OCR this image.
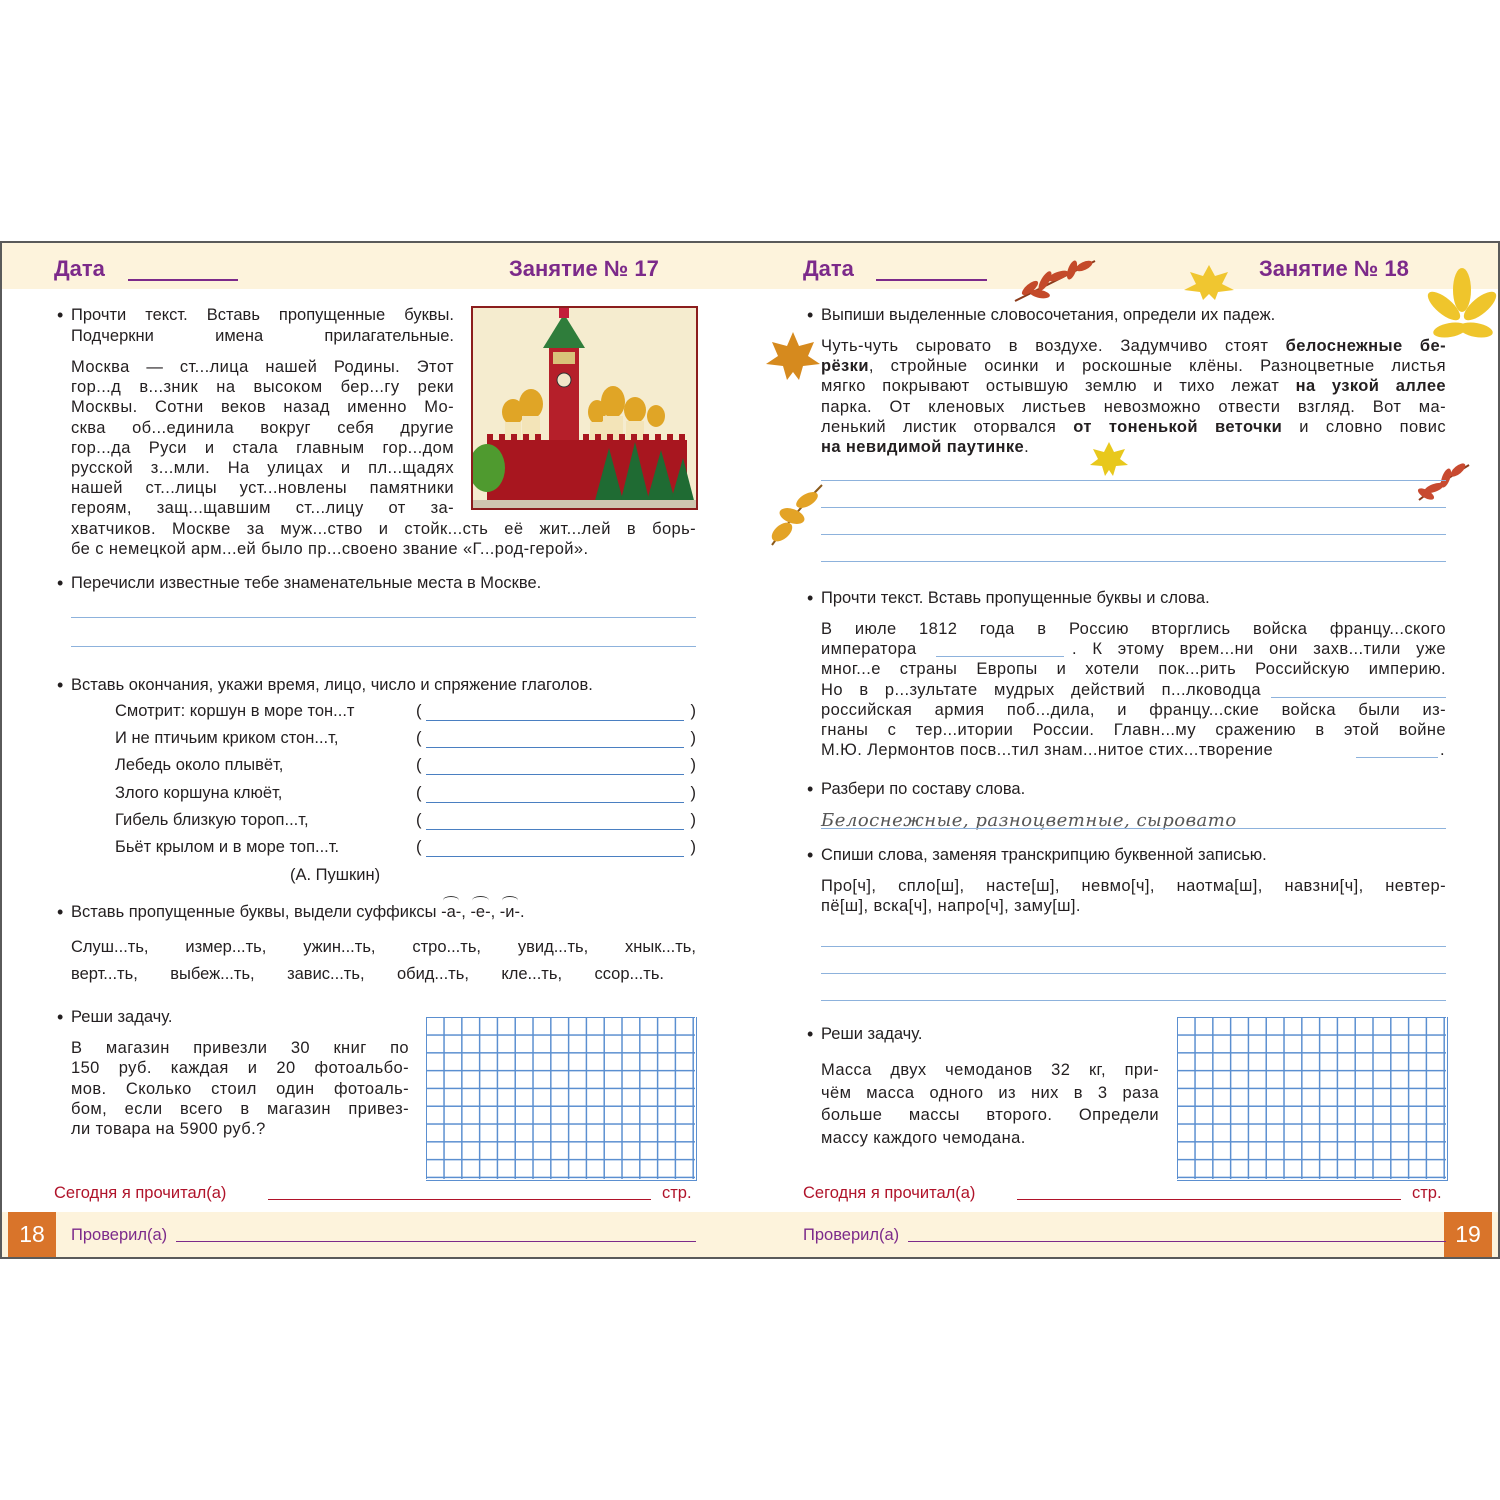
Дата	Занятие № 17
• Прочти текст. Вставь пропущенные буквы. Подчеркни имена прилагательные.
Москва — ст...лица нашей Родины. Этот
гор...д в...зник на высоком бер...гу реки
Москвы. Сотни веков назад именно Мо-
сква об...единила вокруг себя другие
гор...да Руси и стала главным гор...дом
русской з...мли. На улицах и пл...щадях
нашей ст...лицы уст...новлены памятники
героям, защ...щавшим ст...лицу от за-
хватчиков. Москве за муж...ство и стойк...сть её жит...лей в борь-
бе с немецкой арм...ей было пр...своено звание «Г...род-герой».
• Перечисли известные тебе знаменательные места в Москве.
• Вставь окончания, укажи время, лицо, число и спряжение глаголов.
Смотрит: коршун в море тон...т	(	)
И не птичьим криком стон...т,	(	)
Лебедь около плывёт,	(	)
Злого коршуна клюёт,	(	)
Гибель близкую тороп...т,	(	)
Бьёт крылом и в море топ...т.	(	)
(А. Пушкин)
• Вставь пропущенные буквы, выдели суффиксы -а-, -е-, -и-.
Слуш...ть, измер...ть, ужин...ть, стро...ть, увид...ть, хнык...ть,
верт...ть, выбеж...ть, завис...ть, обид...ть, кле...ть, ссор...ть.
• Реши задачу.
В магазин привезли 30 книг по
150 руб. каждая и 20 фотоальбо-
мов. Сколько стоил один фотоаль-
бом, если всего в магазин привез-
ли товара на 5900 руб.?
Сегодня я прочитал(а)	стр.
18	Проверил(а)
Дата	Занятие № 18
• Выпиши выделенные словосочетания, определи их падеж.
Чуть-чуть сыровато в воздухе. Задумчиво стоят белоснежные бе-
рёзки, стройные осинки и роскошные клёны. Разноцветные листья
мягко покрывают остывшую землю и тихо лежат на узкой аллее
парка. От кленовых листьев невозможно отвести взгляд. Вот ма-
ленький листик оторвался от тоненькой веточки и словно повис
на невидимой паутинке.
• Прочти текст. Вставь пропущенные буквы и слова.
В июле 1812 года в Россию вторглись войска францу...ского
императора	. К этому врем...ни они захв...тили уже
мног...е страны Европы и хотели пок...рить Российскую империю.
Но в р...зультате мудрых действий п...лководца
российская армия поб...дила, и францу...ские войска были из-
гнаны с тер...итории России. Главн...му сражению в этой войне
М.Ю. Лермонтов посв...тил знам...нитое стих...творение	.
• Разбери по составу слова.
Белоснежные, разноцветные, сыровато
• Спиши слова, заменяя транскрипцию буквенной записью.
Про[ч], спло[ш], насте[ш], невмо[ч], наотма[ш], навзни[ч], невтер-
пё[ш], вска[ч], напро[ч], заму[ш].
• Реши задачу.
Масса двух чемоданов 32 кг, при-
чём масса одного из них в 3 раза
больше массы второго. Определи
массу каждого чемодана.
Сегодня я прочитал(а)	стр.
19
Проверил(а)
